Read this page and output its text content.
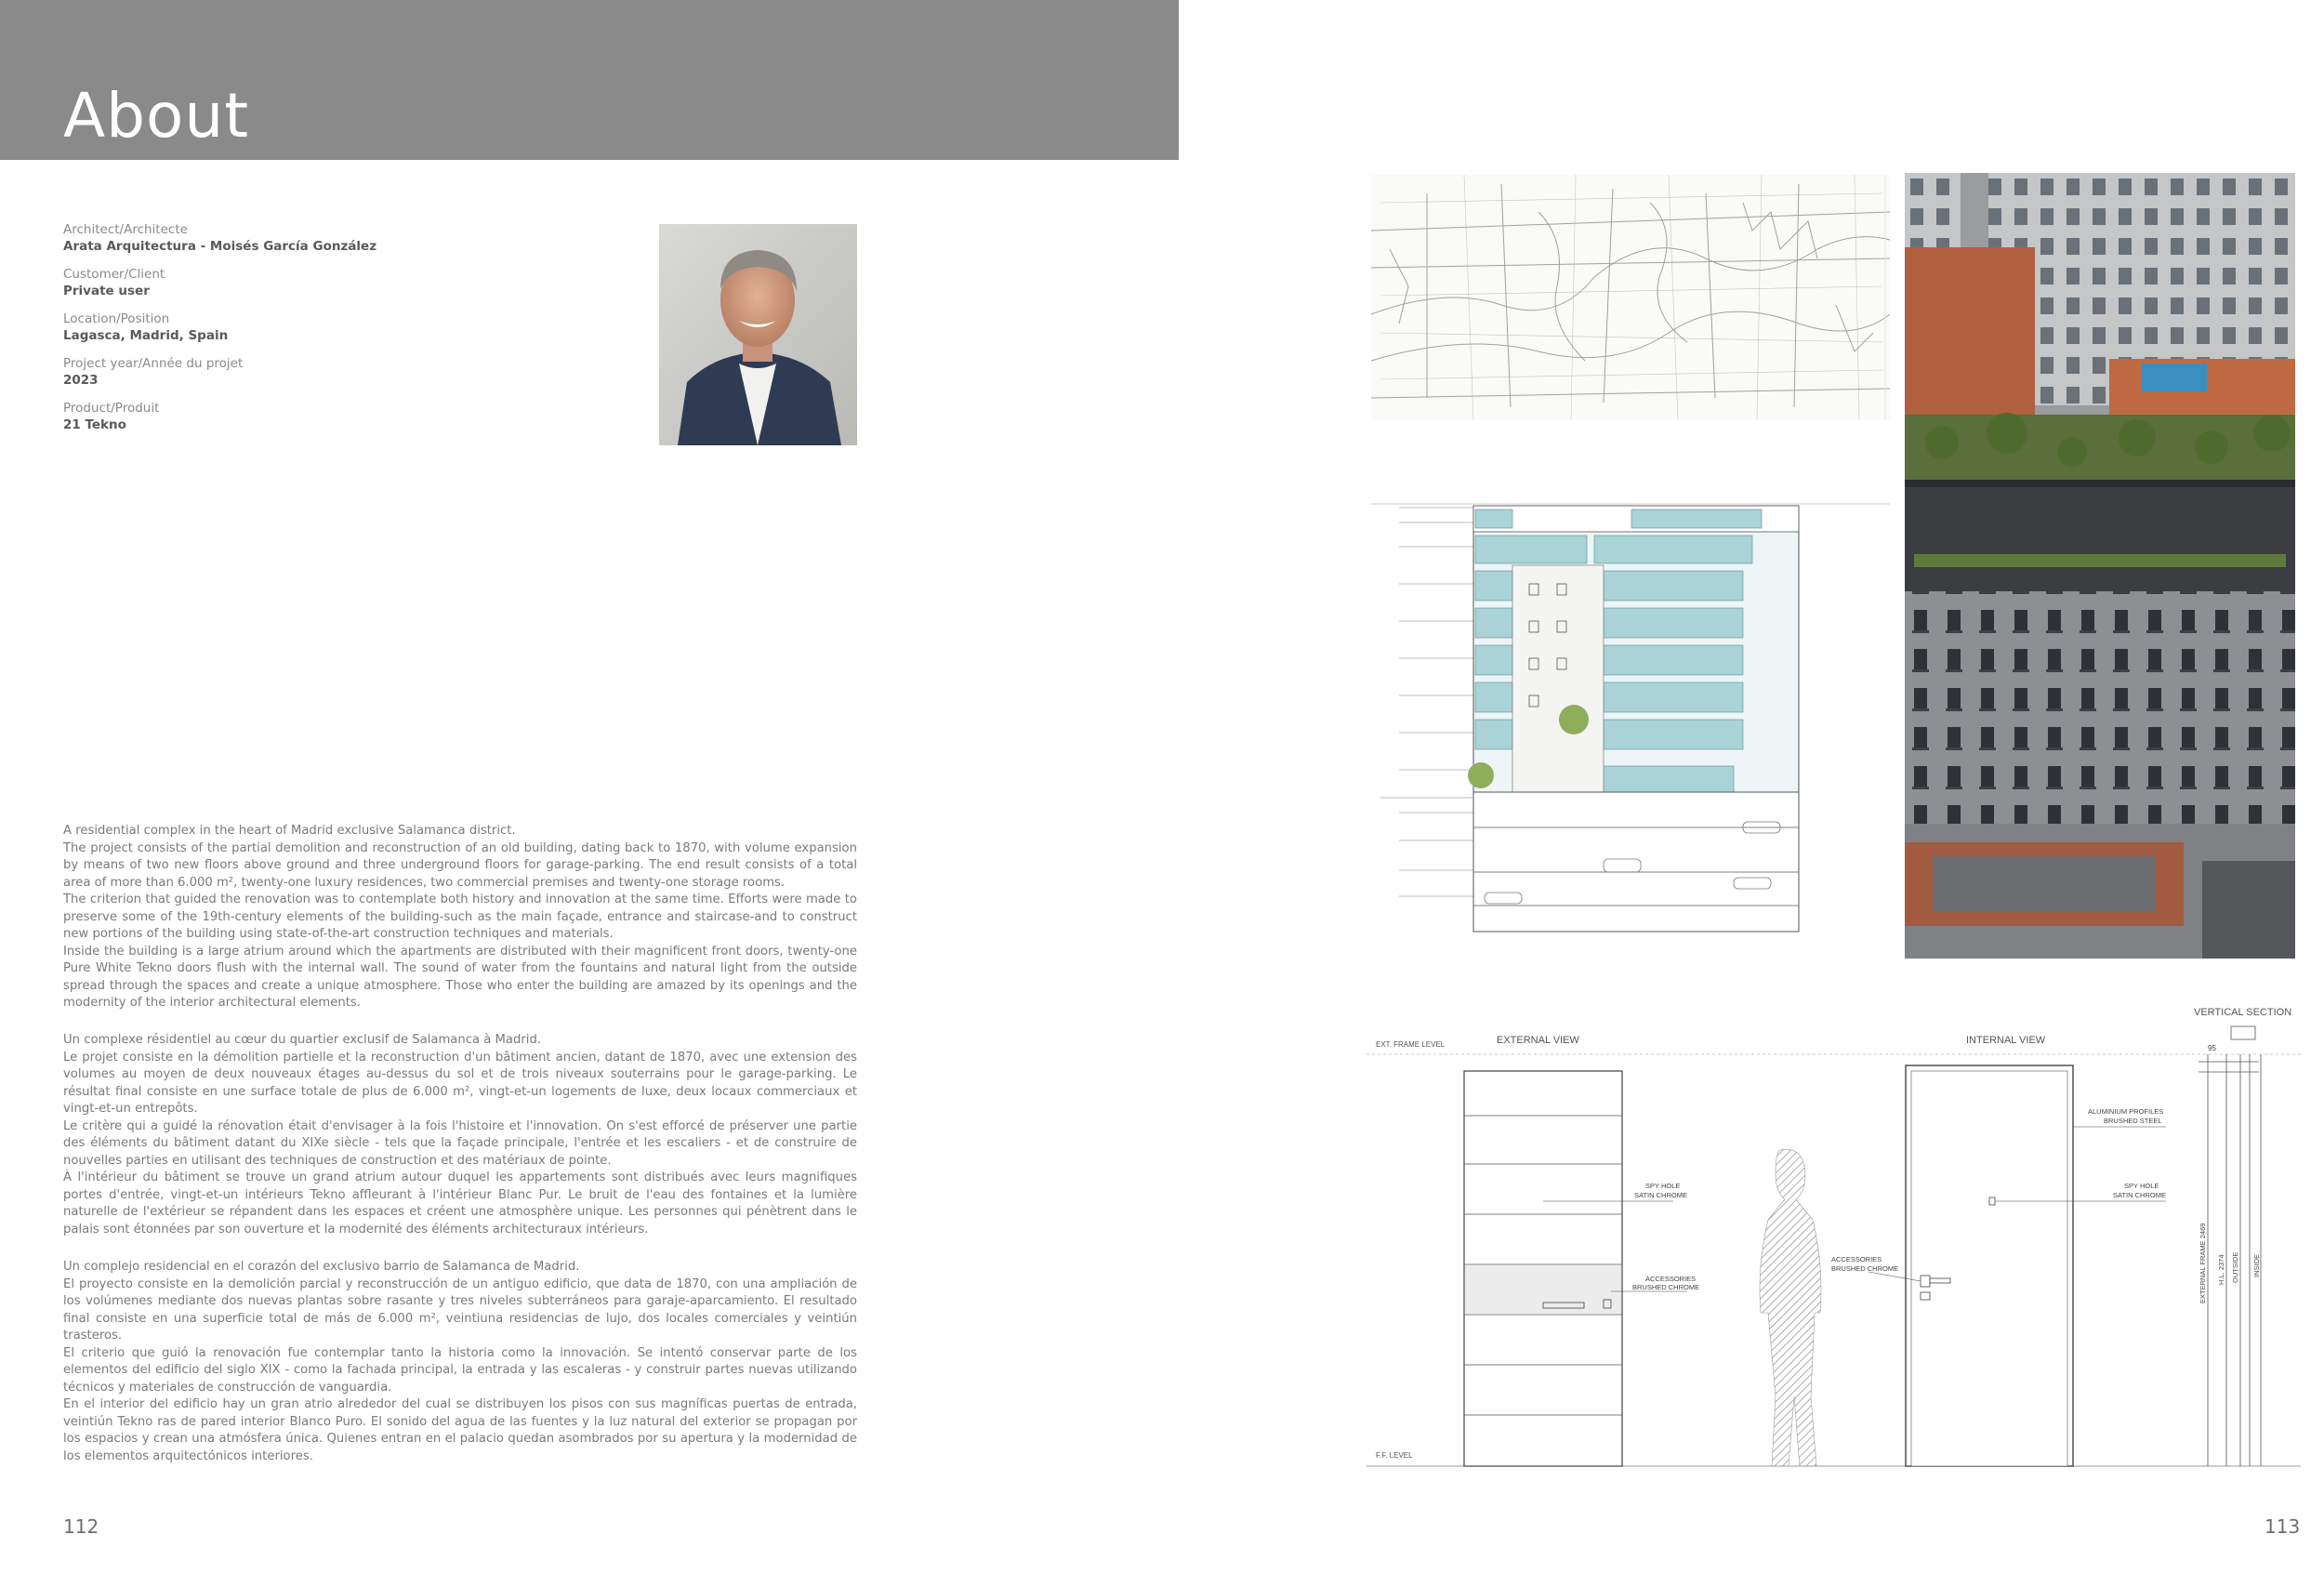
About
Architect/Architecte
Arata Arquitectura - Moisés García González
Customer/Client
Private user
Location/Position
Lagasca, Madrid, Spain
Project year/Année du projet
2023
Product/Produit
21 Tekno

A residential complex in the heart of Madrid exclusive Salamanca district.

The project consists of the partial demolition and reconstruction of an old building, dating back to 1870, with volume expansion by means of two new floors above ground and three underground floors for garage-parking. The end result consists of a total area of more than 6.000 m², twenty-one luxury residences, two commercial premises and twenty-one storage rooms.

The criterion that guided the renovation was to contemplate both history and innovation at the same time. Efforts were made to preserve some of the 19th-century elements of the building-such as the main façade, entrance and staircase-and to construct new portions of the building using state-of-the-art construction techniques and materials.

Inside the building is a large atrium around which the apartments are distributed with their magnificent front doors, twenty-one Pure White Tekno doors flush with the internal wall. The sound of water from the fountains and natural light from the outside spread through the spaces and create a unique atmosphere. Those who enter the building are amazed by its openings and the modernity of the interior architectural elements.

Un complexe résidentiel au cœur du quartier exclusif de Salamanca à Madrid.

Le projet consiste en la démolition partielle et la reconstruction d'un bâtiment ancien, datant de 1870, avec une extension des volumes au moyen de deux nouveaux étages au-dessus du sol et de trois niveaux souterrains pour le garage-parking. Le résultat final consiste en une surface totale de plus de 6.000 m², vingt-et-un logements de luxe, deux locaux commerciaux et vingt-et-un entrepôts.

Le critère qui a guidé la rénovation était d'envisager à la fois l'histoire et l'innovation. On s'est efforcé de préserver une partie des éléments du bâtiment datant du XIXe siècle - tels que la façade principale, l'entrée et les escaliers - et de construire de nouvelles parties en utilisant des techniques de construction et des matériaux de pointe.

À l'intérieur du bâtiment se trouve un grand atrium autour duquel les appartements sont distribués avec leurs magnifiques portes d'entrée, vingt-et-un intérieurs Tekno affleurant à l'intérieur Blanc Pur. Le bruit de l'eau des fontaines et la lumière naturelle de l'extérieur se répandent dans les espaces et créent une atmosphère unique. Les personnes qui pénètrent dans le palais sont étonnées par son ouverture et la modernité des éléments architecturaux intérieurs.

Un complejo residencial en el corazón del exclusivo barrio de Salamanca de Madrid.

El proyecto consiste en la demolición parcial y reconstrucción de un antiguo edificio, que data de 1870, con una ampliación de los volúmenes mediante dos nuevas plantas sobre rasante y tres niveles subterráneos para garaje-aparcamiento. El resultado final consiste en una superficie total de más de 6.000 m², veintiuna residencias de lujo, dos locales comerciales y veintiún trasteros.

El criterio que guió la renovación fue contemplar tanto la historia como la innovación. Se intentó conservar parte de los elementos del edificio del siglo XIX - como la fachada principal, la entrada y las escaleras - y construir partes nuevas utilizando técnicos y materiales de construcción de vanguardia.

En el interior del edificio hay un gran atrio alrededor del cual se distribuyen los pisos con sus magníficas puertas de entrada, veintiún Tekno ras de pared interior Blanco Puro. El sonido del agua de las fuentes y la luz natural del exterior se propagan por los espacios y crean una atmósfera única. Quienes entran en el palacio quedan asombrados por su apertura y la modernidad de los elementos arquitectónicos interiores.

112	113
VERTICAL SECTION
EXT. FRAME LEVEL
F.F. LEVEL
EXTERNAL VIEW
SPY HOLE
SATIN CHROME
ACCESSORIES
BRUSHED CHROME
INTERNAL VIEW
ACCESSORIES
BRUSHED CHROME
ALUMINIUM PROFILES
BRUSHED STEEL
SPY HOLE
SATIN CHROME
95
EXTERNAL FRAME 2469 H.L. 2374 OUTSIDE INSIDE
